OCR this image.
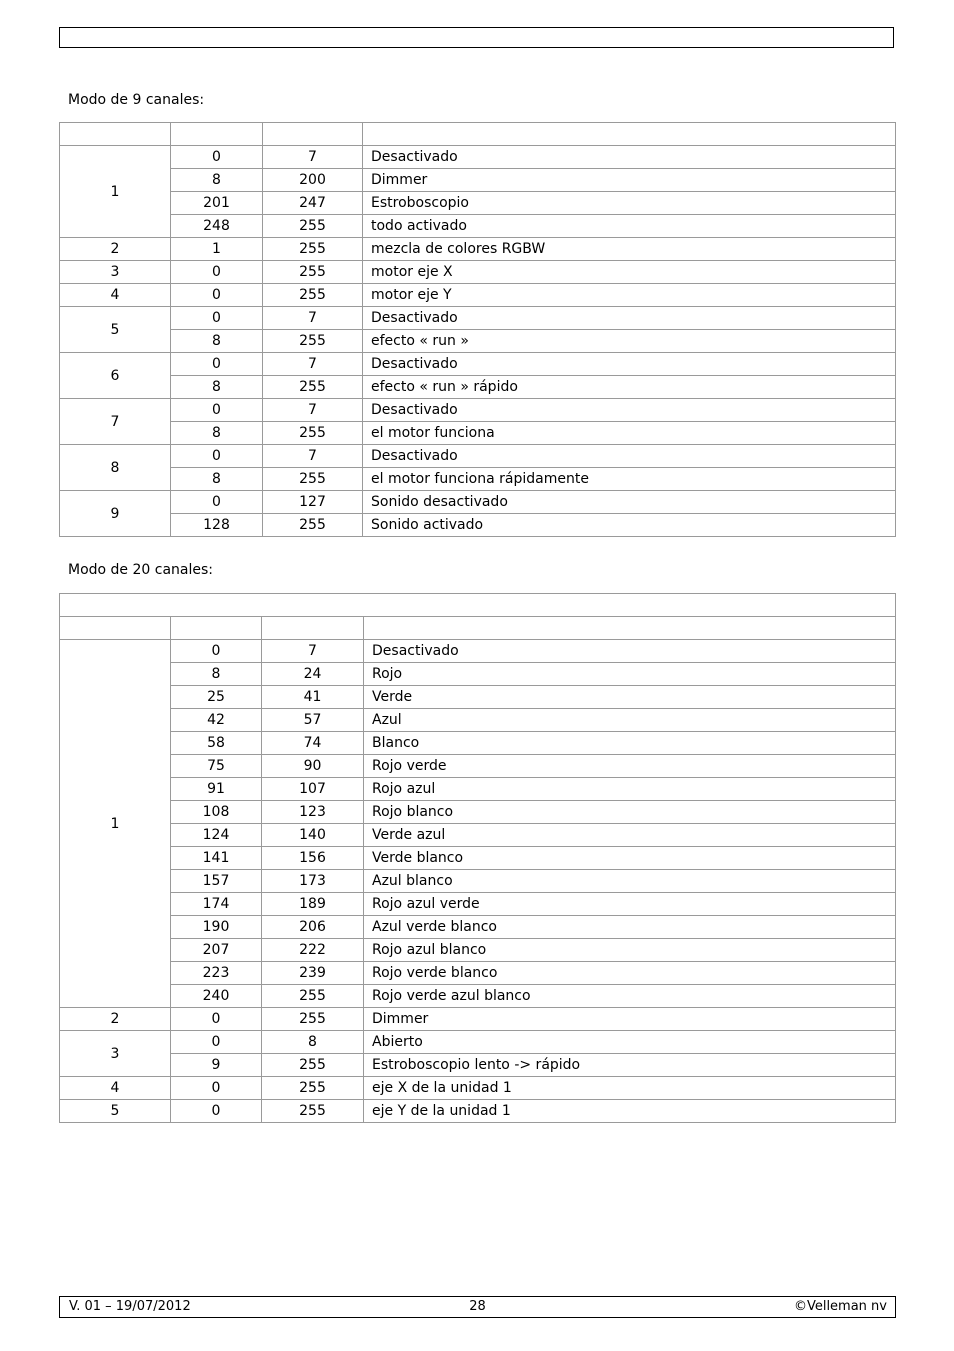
Modo de 9 canales:

1	0	7	Desactivado
	8	200	Dimmer
	201	247	Estroboscopio
	248	255	todo activado
2	1	255	mezcla de colores RGBW
3	0	255	motor eje X
4	0	255	motor eje Y
5	0	7	Desactivado
	8	255	efecto « run »
6	0	7	Desactivado
	8	255	efecto « run » rápido
7	0	7	Desactivado
	8	255	el motor funciona
8	0	7	Desactivado
	8	255	el motor funciona rápidamente
9	0	127	Sonido desactivado
	128	255	Sonido activado
Modo de 20 canales:

1	0	7	Desactivado
	8	24	Rojo
	25	41	Verde
	42	57	Azul
	58	74	Blanco
	75	90	Rojo verde
	91	107	Rojo azul
	108	123	Rojo blanco
	124	140	Verde azul
	141	156	Verde blanco
	157	173	Azul blanco
	174	189	Rojo azul verde
	190	206	Azul verde blanco
	207	222	Rojo azul blanco
	223	239	Rojo verde blanco
	240	255	Rojo verde azul blanco
2	0	255	Dimmer
3	0	8	Abierto
	9	255	Estroboscopio lento -> rápido
4	0	255	eje X de la unidad 1
5	0	255	eje Y de la unidad 1
V. 01 – 19/07/2012	28	©Velleman nv
